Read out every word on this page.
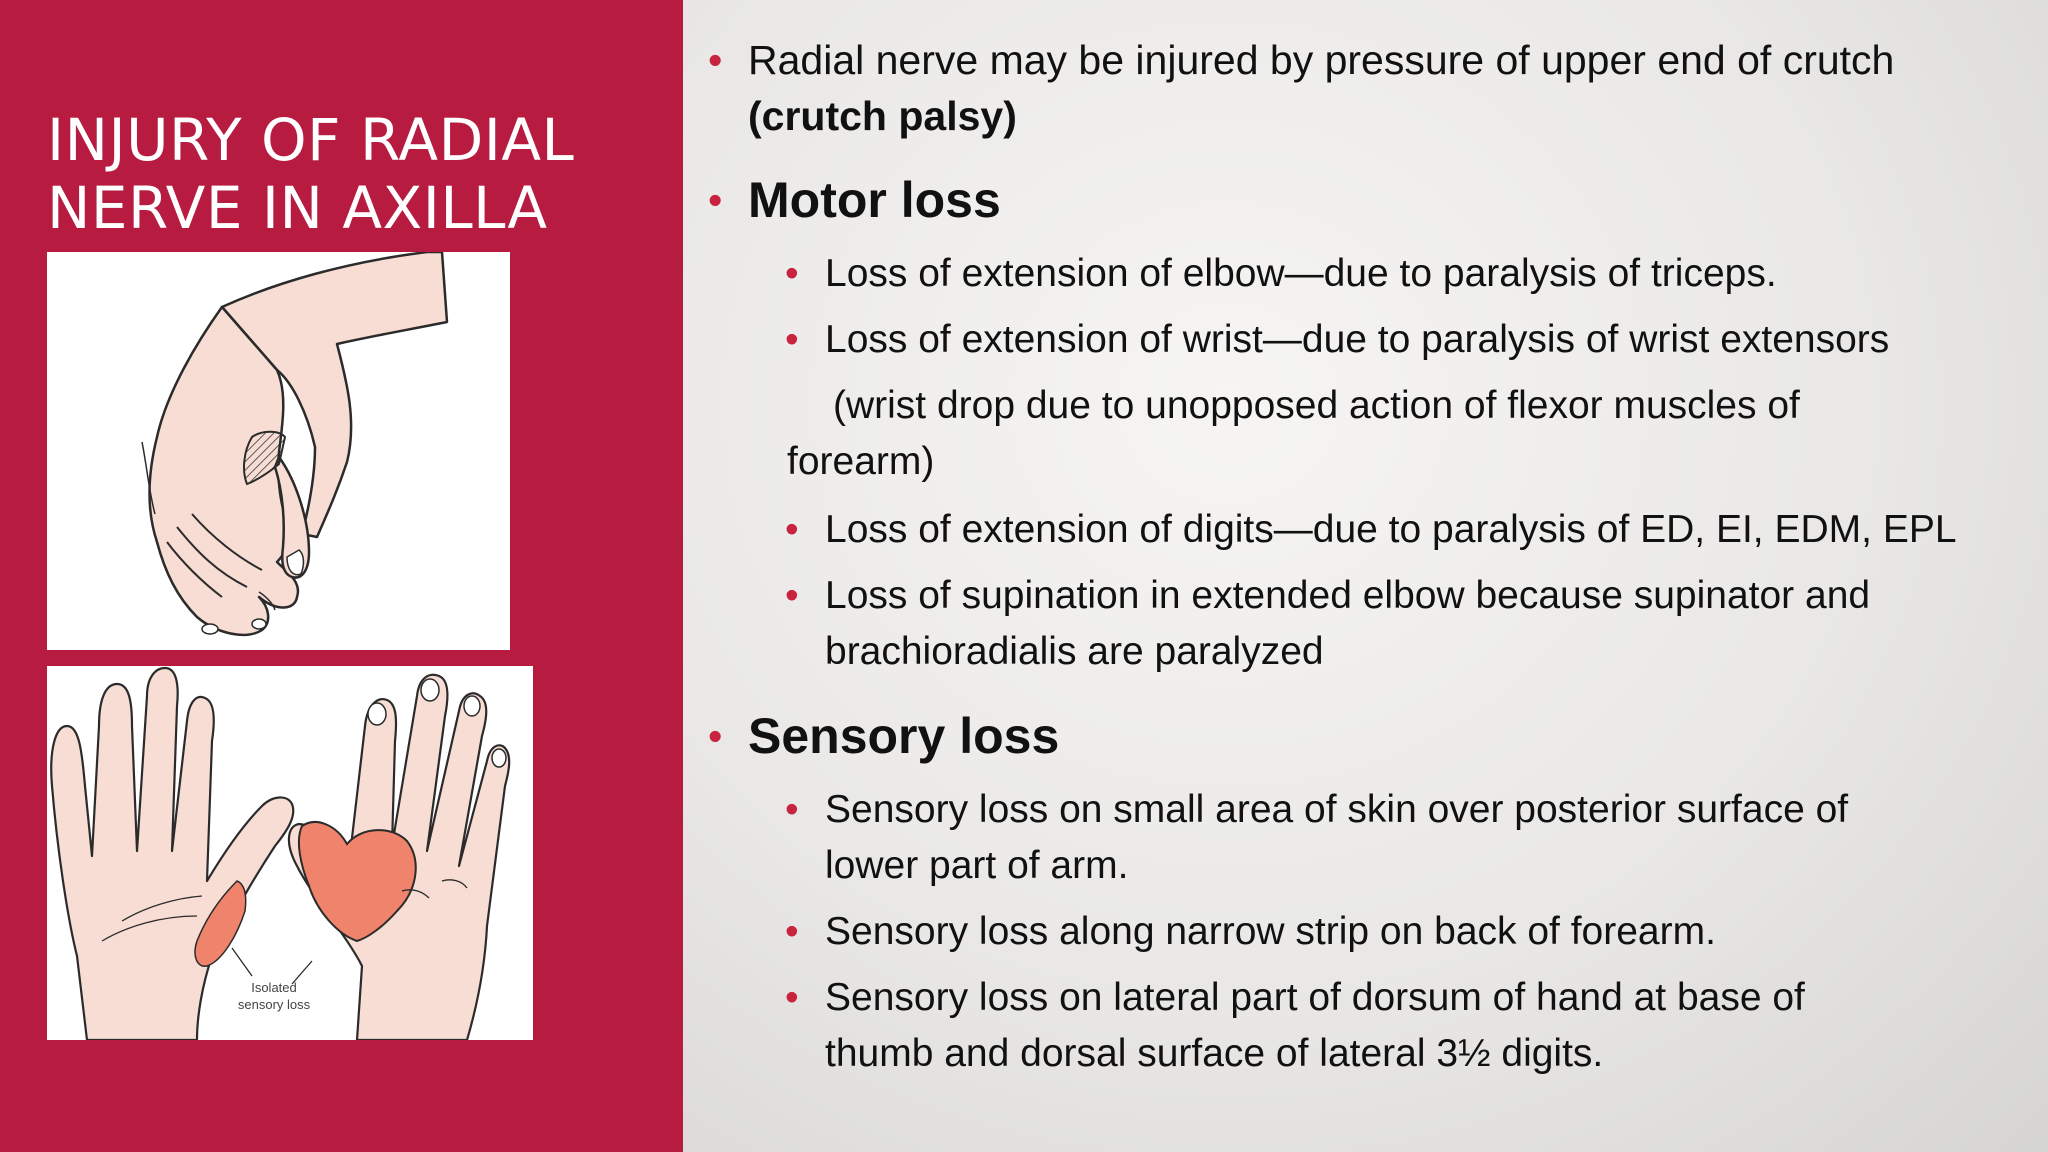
INJURY OF RADIAL
NERVE IN AXILLA
Isolated
sensory loss
• Radial nerve may be injured by pressure of upper end of crutch
(crutch palsy)
• Motor loss
• Loss of extension of elbow—due to paralysis of triceps.
• Loss of extension of wrist—due to paralysis of wrist extensors
(wrist drop due to unopposed action of flexor muscles of
forearm)
• Loss of extension of digits—due to paralysis of ED, EI, EDM, EPL
• Loss of supination in extended elbow because supinator and
brachioradialis are paralyzed
• Sensory loss
• Sensory loss on small area of skin over posterior surface of
lower part of arm.
• Sensory loss along narrow strip on back of forearm.
• Sensory loss on lateral part of dorsum of hand at base of
thumb and dorsal surface of lateral 3½ digits.
